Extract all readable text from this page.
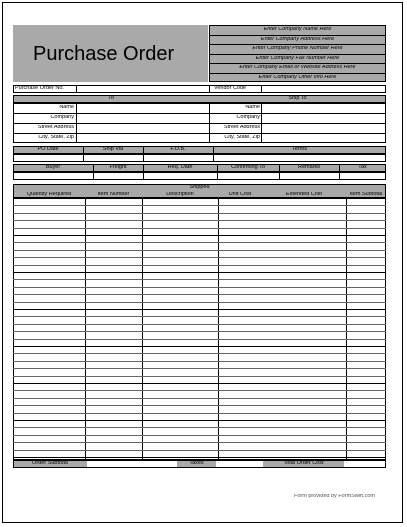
Purchase Order
Purchase Order No.	Vendor Code
To	Ship To
Shipped
Order Subtotal	Taxes	Total Order Cost
Form provided by FormSwift.com
Enter Company Name Here
Enter Company Address Here
Enter Company Phone Number Here
Enter Company Fax Number Here
Enter Company Email or Website Address Here
Enter Company Other Info Here
Name	Name
Company	Company
Street Address	Street Address
City, State, Zip	City, State, Zip
PO Date	Ship Via	F.O.B.	Terms
Buyer	Freight	Req. Date	Confirming To	Remarks	Tax
Quantity Required	Item Number	Description	Unit Cost	Extended Cost	Item Subtotal
